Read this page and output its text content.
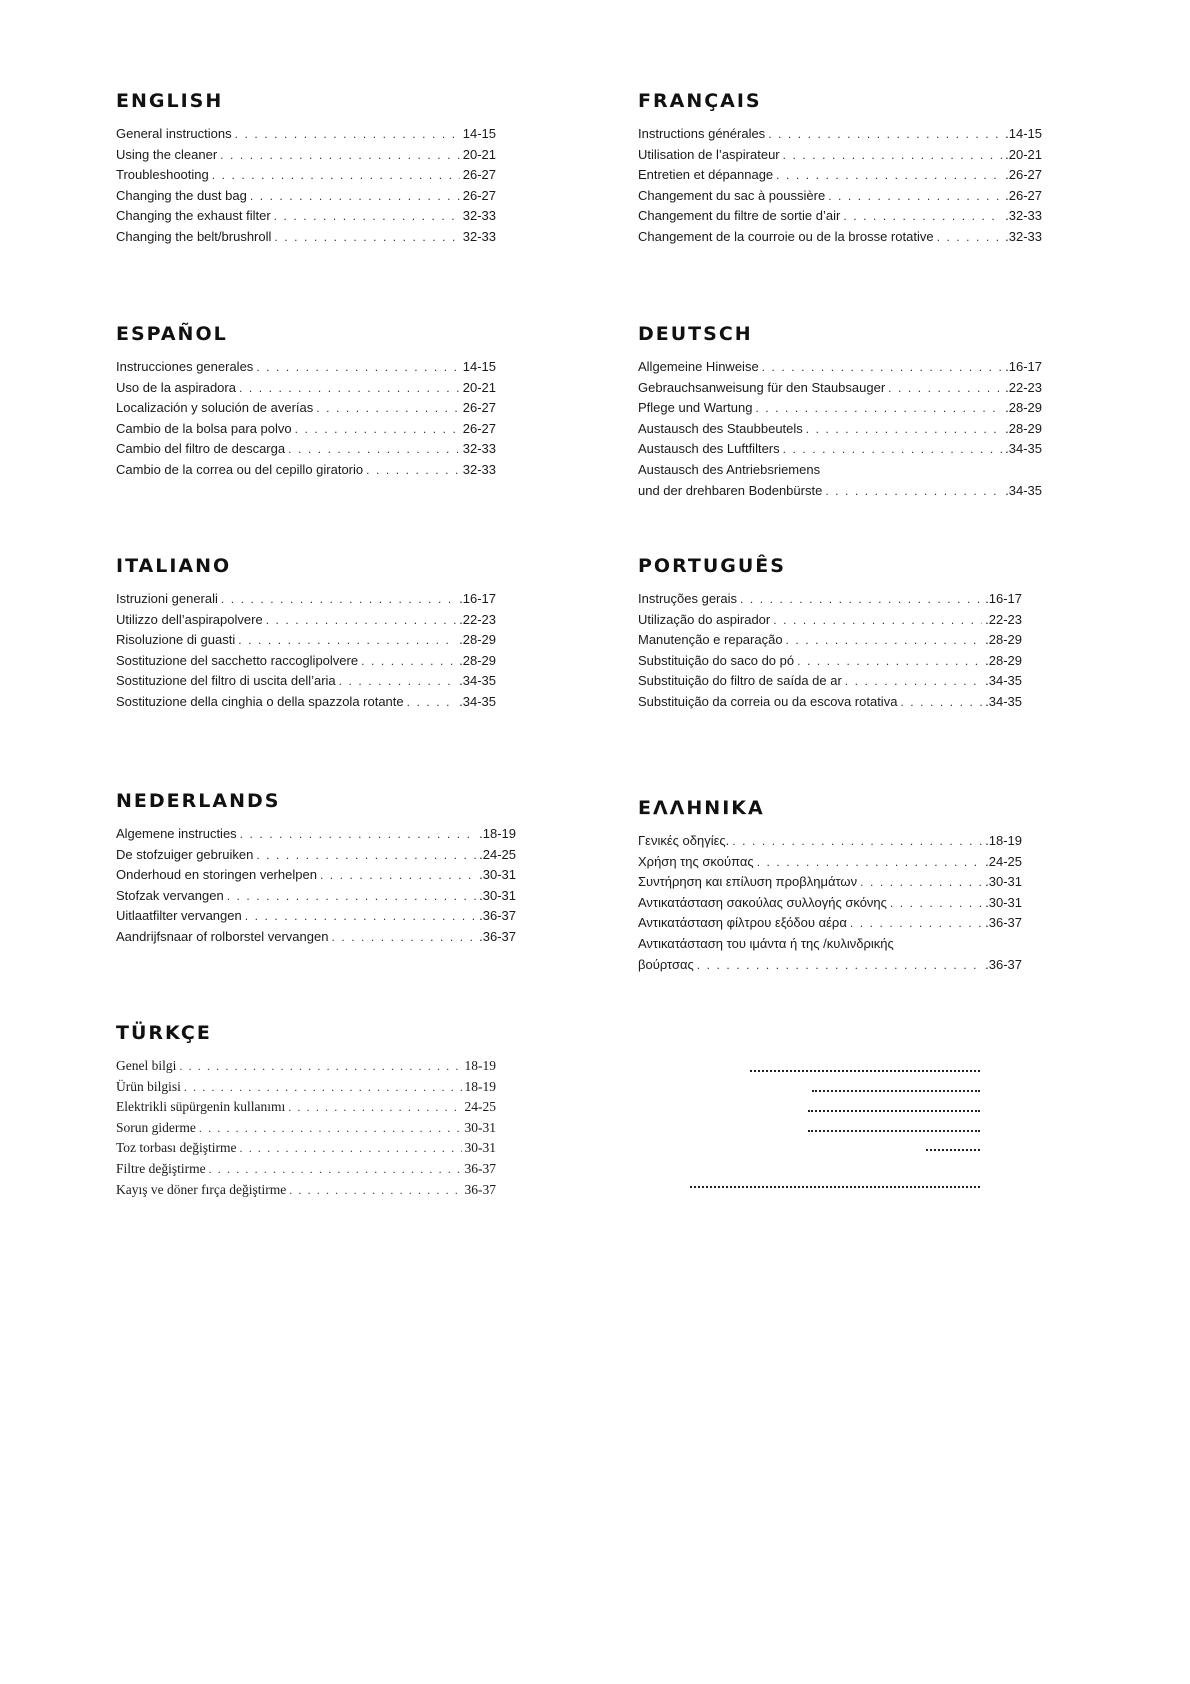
ENGLISH
General instructions . . .	14-15
Using the cleaner . . .	20-21
Troubleshooting . . .	26-27
Changing the dust bag . . .	26-27
Changing the exhaust filter . . .	32-33
Changing the belt/brushroll . . .	32-33
FRANÇAIS
Instructions générales . . .	.14-15
Utilisation de l’aspirateur . . .	.20-21
Entretien et dépannage . . .	.26-27
Changement du sac à poussière . . .	.26-27
Changement du filtre de sortie d’air . . .	.32-33
Changement de la courroie ou de la brosse rotative . . .	.32-33
ESPAÑOL
Instrucciones generales . . .	14-15
Uso de la aspiradora . . .	20-21
Localización y solución de averías . . .	26-27
Cambio de la bolsa para polvo . . .	26-27
Cambio del filtro de descarga . . .	32-33
Cambio de la correa ou del cepillo giratorio . . .	32-33
DEUTSCH
Allgemeine Hinweise . . .	.16-17
Gebrauchsanweisung für den Staubsauger . . .	.22-23
Pflege und Wartung . . .	.28-29
Austausch des Staubbeutels . . .	.28-29
Austausch des Luftfilters . . .	.34-35
Austausch des Antriebsriemens
und der drehbaren Bodenbürste . . .	.34-35
ITALIANO
Istruzioni generali . . .	.16-17
Utilizzo dell’aspirapolvere . . .	.22-23
Risoluzione di guasti . . .	.28-29
Sostituzione del sacchetto raccoglipolvere . . .	.28-29
Sostituzione del filtro di uscita dell’aria . . .	.34-35
Sostituzione della cinghia o della spazzola rotante . . .	.34-35
PORTUGUÊS
Instruções gerais . . .	.16-17
Utilização do aspirador . . .	.22-23
Manutenção e reparação . . .	.28-29
Substituição do saco do pó . . .	.28-29
Substituição do filtro de saída de ar . . .	.34-35
Substituição da correia ou da escova rotativa . . .	.34-35
NEDERLANDS
Algemene instructies . . .	.18-19
De stofzuiger gebruiken . . .	.24-25
Onderhoud en storingen verhelpen . . .	.30-31
Stofzak vervangen . . .	.30-31
Uitlaatfilter vervangen . . .	.36-37
Aandrijfsnaar of rolborstel vervangen . . .	.36-37
ΕΛΛΗΝΙΚΑ
Γενικές οδηγίες. . . .	.18-19
Χρήση της σκούπας . . .	.24-25
Συντήρηση και επίλυση προβλημάτων . . .	.30-31
Αντικατάσταση σακούλας συλλογής σκόνης . . .	.30-31
Αντικατάσταση φίλτρου εξόδου αέρα . . .	.36-37
Αντικατάσταση του ιμάντα ή της /κυλινδρικής
βούρτσας . . .	.36-37
TÜRKÇE
Genel bilgi . . .	18-19
Ürün bilgisi . . .	18-19
Elektrikli süpürgenin kullanımı . . .	24-25
Sorun giderme . . .	30-31
Toz torbası değiştirme . . .	30-31
Filtre değiştirme . . .	36-37
Kayış ve döner fırça değiştirme . . .	36-37
